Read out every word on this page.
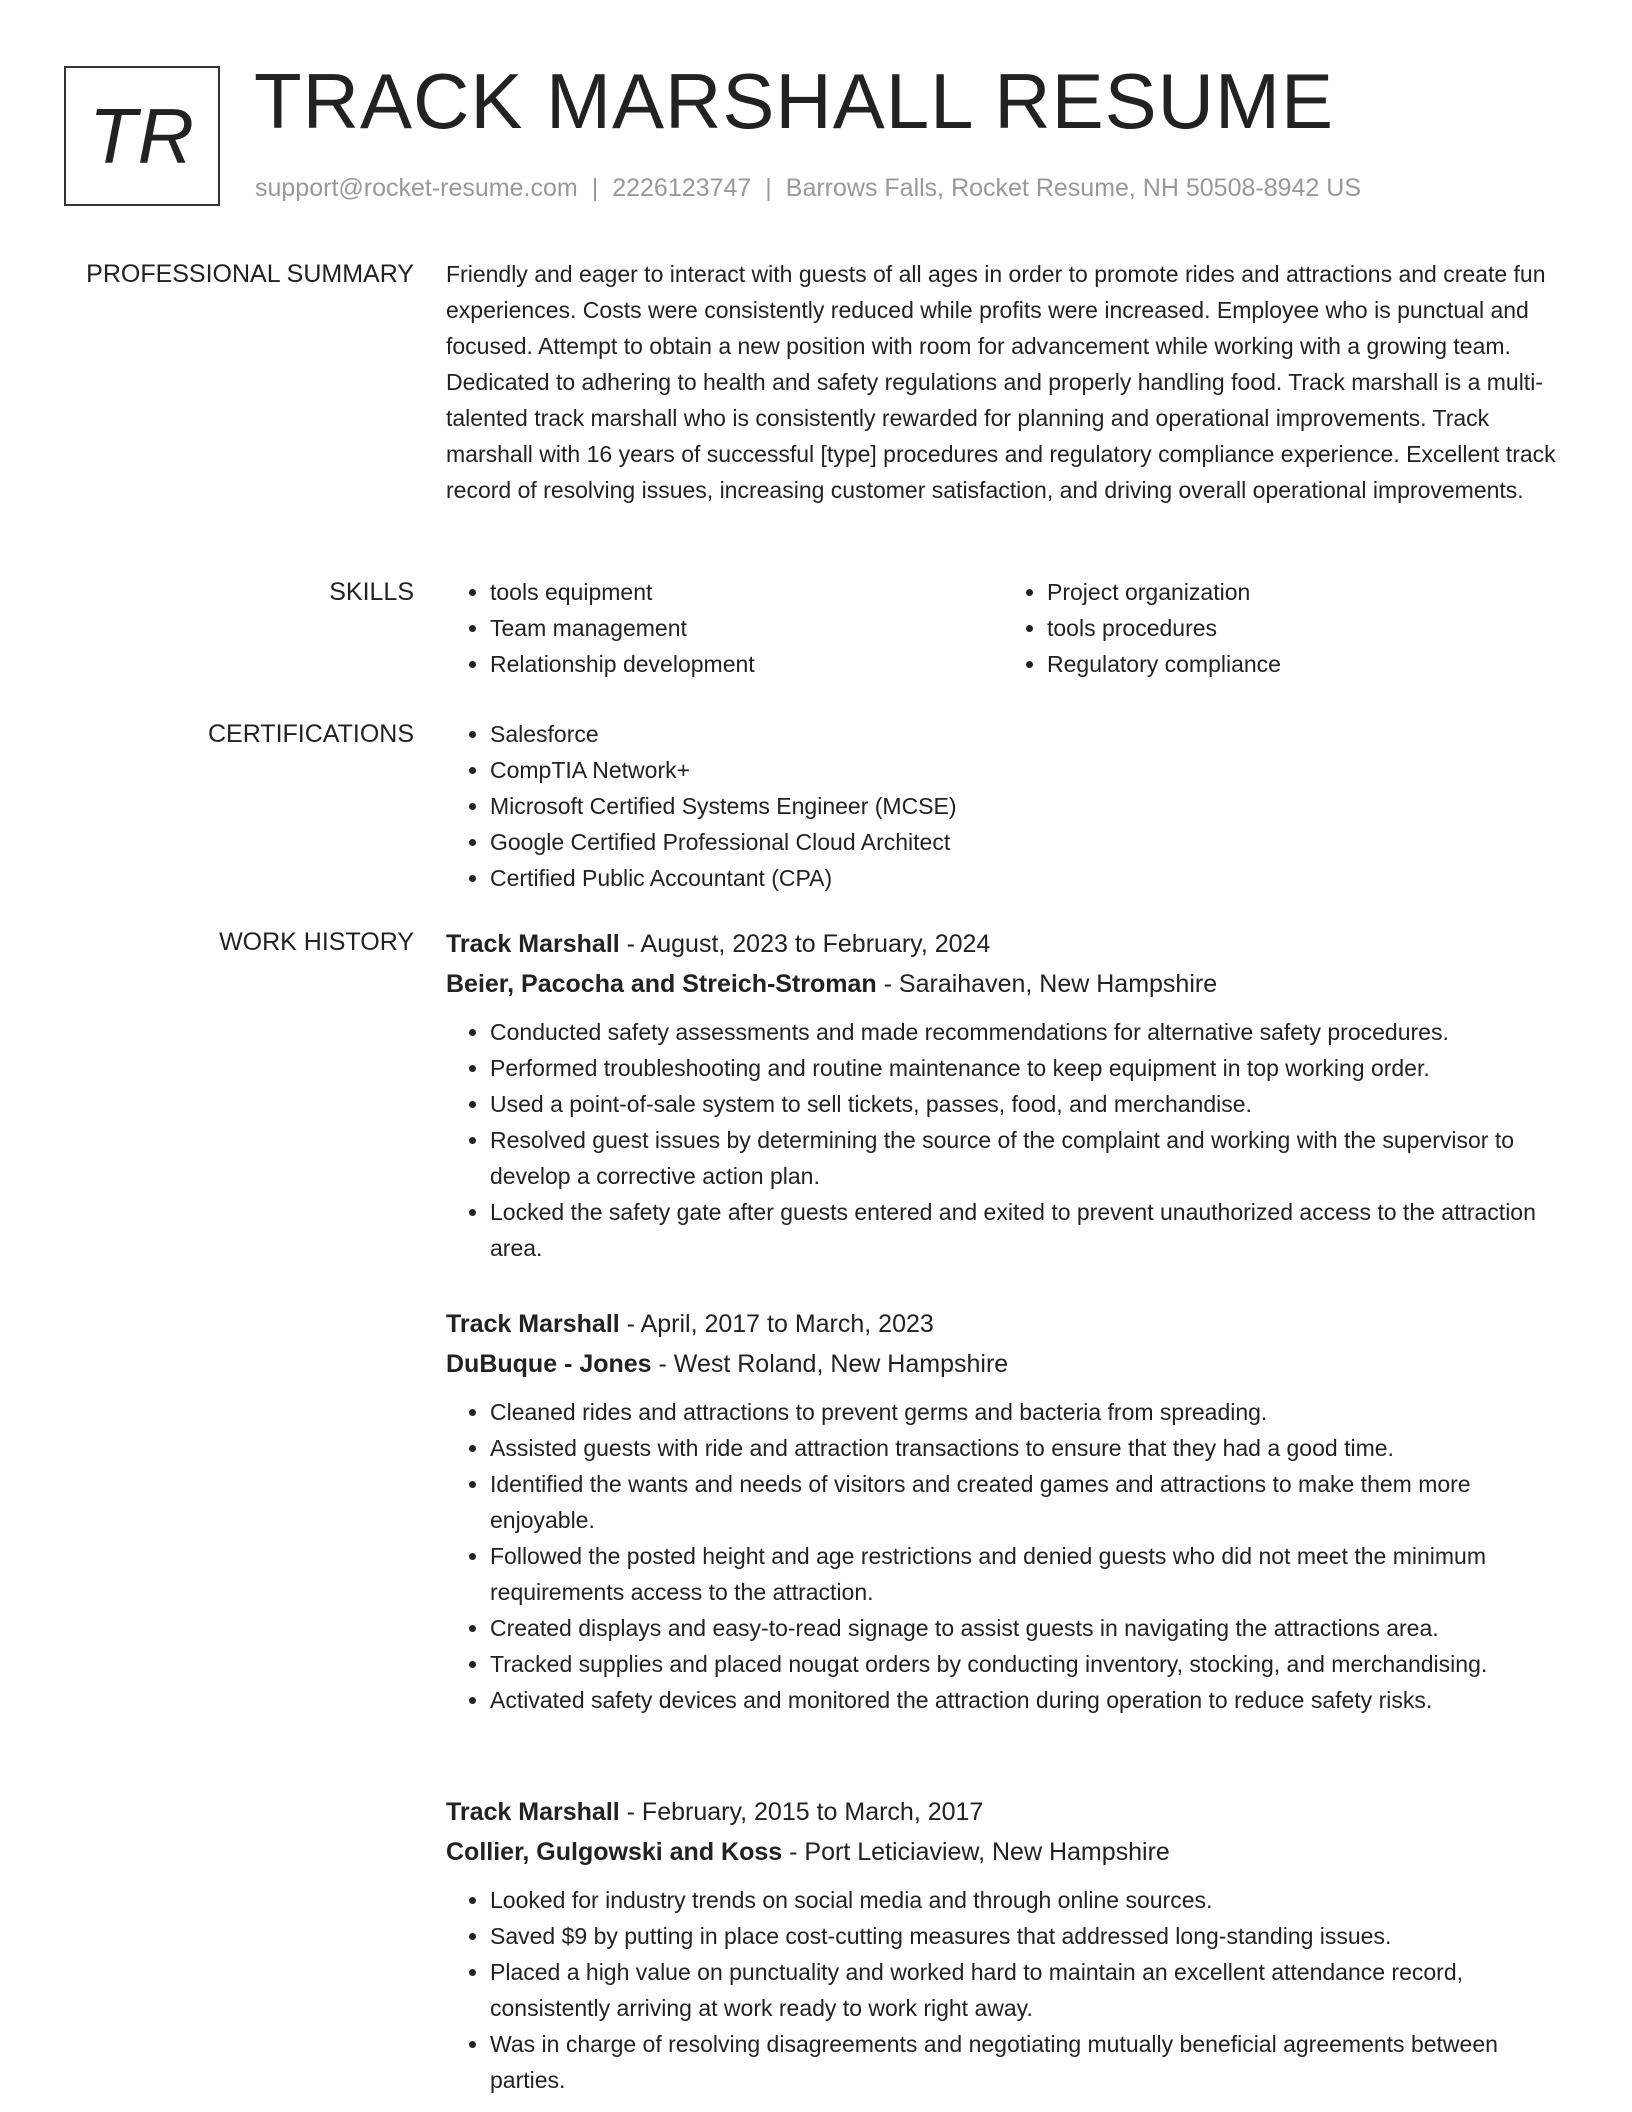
TR TRACK MARSHALL RESUME
support@rocket-resume.com | 2226123747 | Barrows Falls, Rocket Resume, NH 50508-8942 US
PROFESSIONAL SUMMARY Friendly and eager to interact with guests of all ages in order to promote rides and attractions and create fun experiences. Costs were consistently reduced while profits were increased. Employee who is punctual and focused. Attempt to obtain a new position with room for advancement while working with a growing team. Dedicated to adhering to health and safety regulations and properly handling food. Track marshall is a multi-talented track marshall who is consistently rewarded for planning and operational improvements. Track marshall with 16 years of successful [type] procedures and regulatory compliance experience. Excellent track record of resolving issues, increasing customer satisfaction, and driving overall operational improvements.
SKILLS	• tools equipment
• Team management
• Relationship development
• Project organization
• tools procedures
• Regulatory compliance
CERTIFICATIONS	• Salesforce
• CompTIA Network+
• Microsoft Certified Systems Engineer (MCSE)
• Google Certified Professional Cloud Architect
• Certified Public Accountant (CPA)
WORK HISTORY Track Marshall - August, 2023 to February, 2024
Beier, Pacocha and Streich-Stroman - Saraihaven, New Hampshire
• Conducted safety assessments and made recommendations for alternative safety procedures.
• Performed troubleshooting and routine maintenance to keep equipment in top working order.
• Used a point-of-sale system to sell tickets, passes, food, and merchandise.
• Resolved guest issues by determining the source of the complaint and working with the supervisor to develop a corrective action plan.
• Locked the safety gate after guests entered and exited to prevent unauthorized access to the attraction area.
Track Marshall - April, 2017 to March, 2023
DuBuque - Jones - West Roland, New Hampshire
• Cleaned rides and attractions to prevent germs and bacteria from spreading.
• Assisted guests with ride and attraction transactions to ensure that they had a good time.
• Identified the wants and needs of visitors and created games and attractions to make them more enjoyable.
• Followed the posted height and age restrictions and denied guests who did not meet the minimum requirements access to the attraction.
• Created displays and easy-to-read signage to assist guests in navigating the attractions area.
• Tracked supplies and placed nougat orders by conducting inventory, stocking, and merchandising.
• Activated safety devices and monitored the attraction during operation to reduce safety risks.
Track Marshall - February, 2015 to March, 2017
Collier, Gulgowski and Koss - Port Leticiaview, New Hampshire
• Looked for industry trends on social media and through online sources.
• Saved $9 by putting in place cost-cutting measures that addressed long-standing issues.
• Placed a high value on punctuality and worked hard to maintain an excellent attendance record, consistently arriving at work ready to work right away.
• Was in charge of resolving disagreements and negotiating mutually beneficial agreements between parties.
